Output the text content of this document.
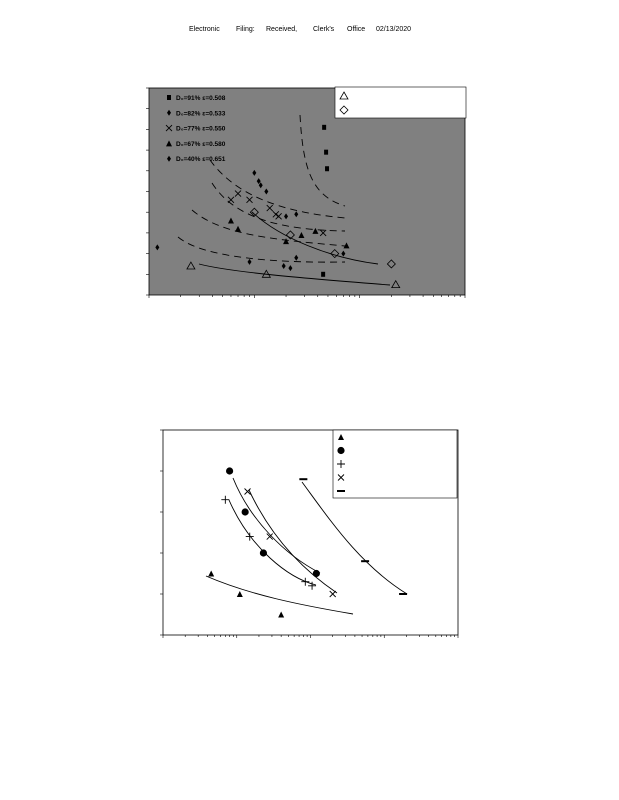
Electronic Filing: Received, Clerk's Office 02/13/2020
D₀=91% ε=0.508
D₀=82% ε=0.533
D₀=77% ε=0.550
D₀=67% ε=0.580
D₀=40% ε=0.651
